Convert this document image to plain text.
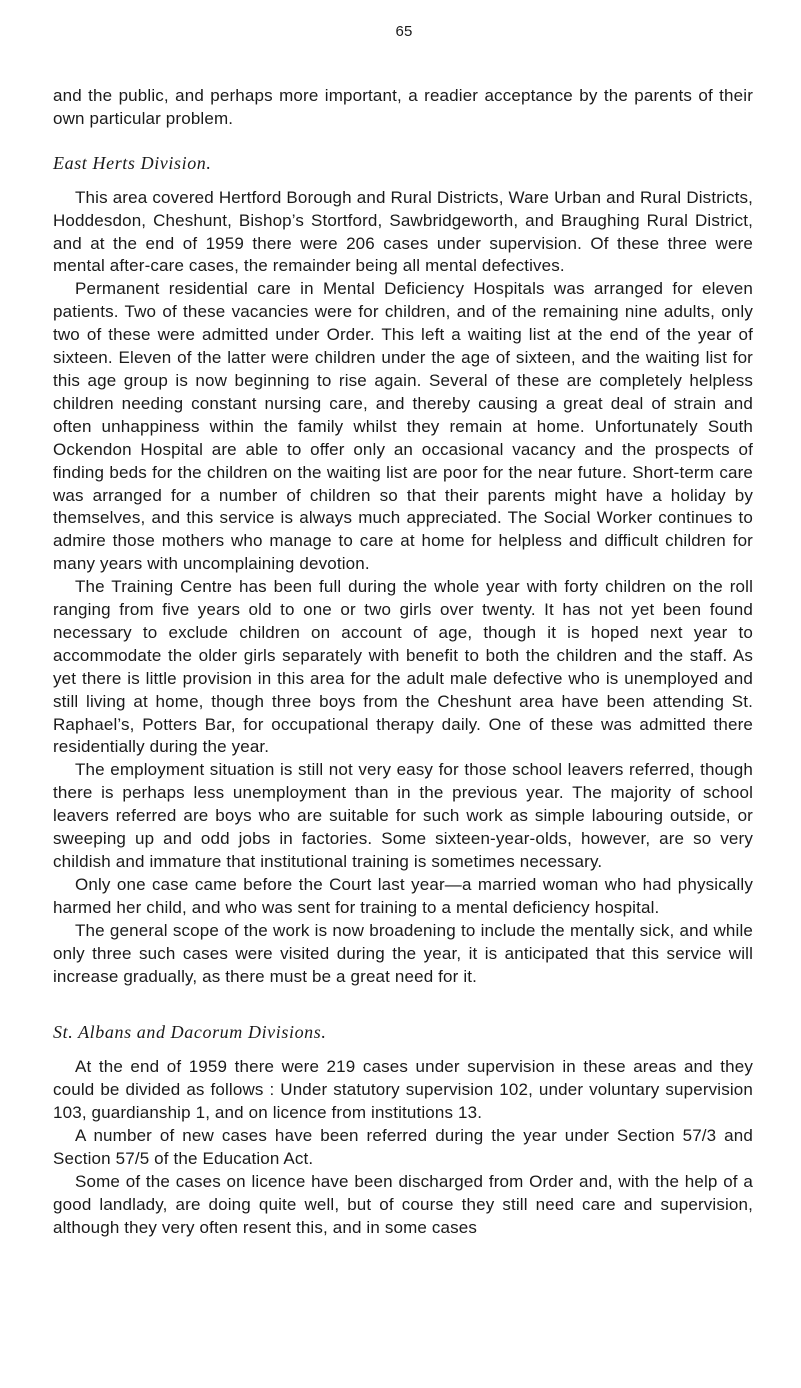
65

and the public, and perhaps more important, a readier acceptance by the parents of their own particular problem.

East Herts Division.

This area covered Hertford Borough and Rural Districts, Ware Urban and Rural Districts, Hoddesdon, Cheshunt, Bishop’s Stortford, Sawbridgeworth, and Braughing Rural District, and at the end of 1959 there were 206 cases under supervision. Of these three were mental after-care cases, the remainder being all mental defectives.

Permanent residential care in Mental Deficiency Hospitals was arranged for eleven patients. Two of these vacancies were for children, and of the remaining nine adults, only two of these were admitted under Order. This left a waiting list at the end of the year of sixteen. Eleven of the latter were children under the age of sixteen, and the waiting list for this age group is now beginning to rise again. Several of these are completely helpless children needing constant nursing care, and thereby causing a great deal of strain and often unhappiness within the family whilst they remain at home. Unfortunately South Ockendon Hospital are able to offer only an occasional vacancy and the prospects of finding beds for the children on the waiting list are poor for the near future. Short-term care was arranged for a number of children so that their parents might have a holiday by themselves, and this service is always much appreciated. The Social Worker continues to admire those mothers who manage to care at home for helpless and difficult children for many years with uncomplaining devotion.

The Training Centre has been full during the whole year with forty children on the roll ranging from five years old to one or two girls over twenty. It has not yet been found necessary to exclude children on account of age, though it is hoped next year to accommodate the older girls separately with benefit to both the children and the staff. As yet there is little provision in this area for the adult male defective who is unemployed and still living at home, though three boys from the Cheshunt area have been attending St. Raphael’s, Potters Bar, for occupational therapy daily. One of these was admitted there residentially during the year.

The employment situation is still not very easy for those school leavers referred, though there is perhaps less unemployment than in the previous year. The majority of school leavers referred are boys who are suitable for such work as simple labouring outside, or sweeping up and odd jobs in factories. Some sixteen-year-olds, however, are so very childish and immature that institutional training is sometimes necessary.

Only one case came before the Court last year—a married woman who had physically harmed her child, and who was sent for training to a mental deficiency hospital.

The general scope of the work is now broadening to include the mentally sick, and while only three such cases were visited during the year, it is anticipated that this service will increase gradually, as there must be a great need for it.

St. Albans and Dacorum Divisions.

At the end of 1959 there were 219 cases under supervision in these areas and they could be divided as follows : Under statutory supervision 102, under voluntary supervision 103, guardianship 1, and on licence from institutions 13.

A number of new cases have been referred during the year under Section 57/3 and Section 57/5 of the Education Act.

Some of the cases on licence have been discharged from Order and, with the help of a good landlady, are doing quite well, but of course they still need care and supervision, although they very often resent this, and in some cases
